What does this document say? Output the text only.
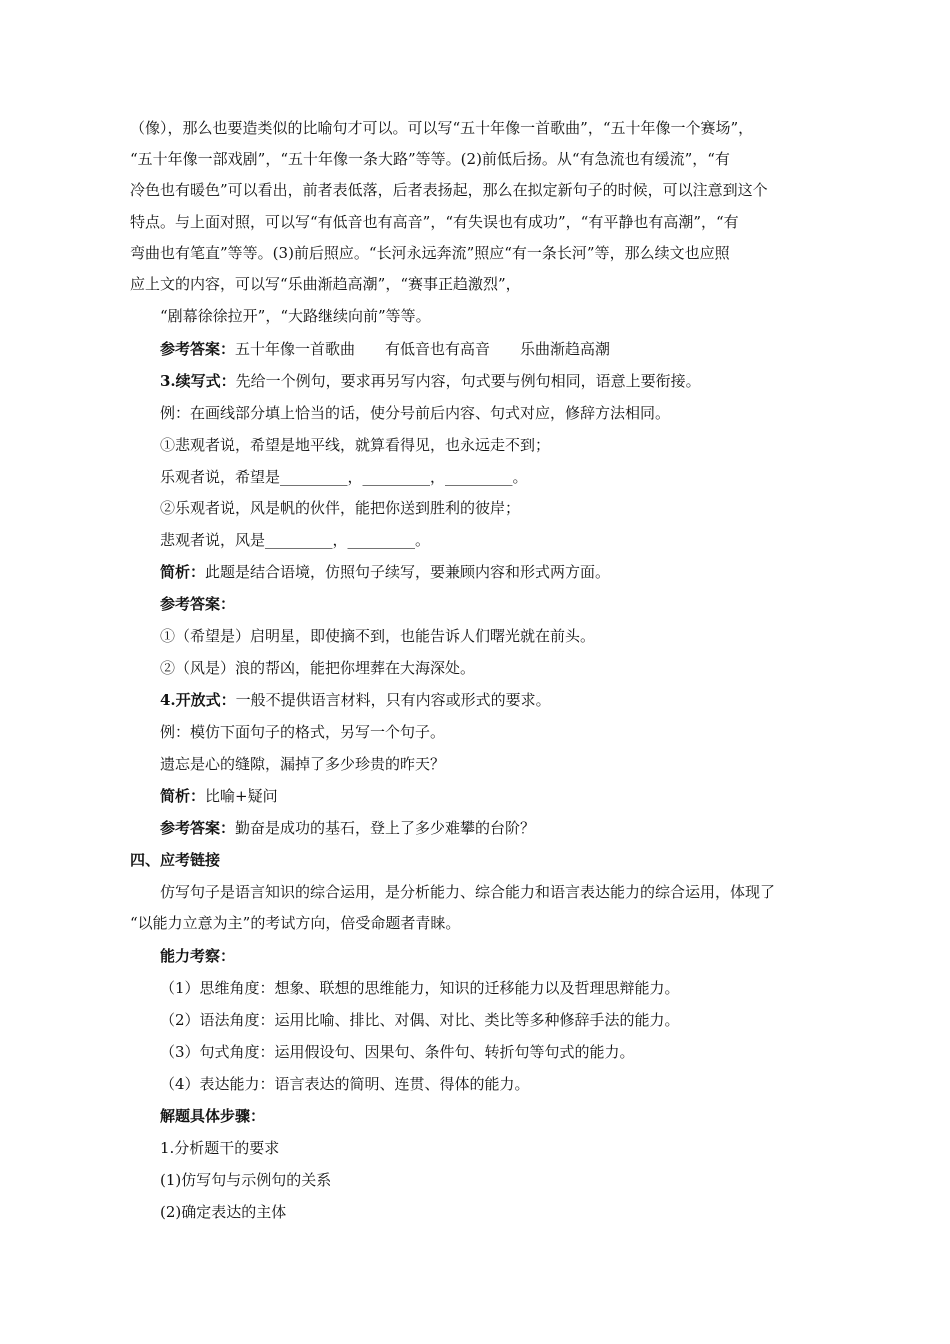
（像），那么也要造类似的比喻句才可以。可以写“五十年像一首歌曲”，“五十年像一个赛场”，

“五十年像一部戏剧”，“五十年像一条大路”等等。(2)前低后扬。从“有急流也有缓流”，“有

冷色也有暖色”可以看出，前者表低落，后者表扬起，那么在拟定新句子的时候，可以注意到这个

特点。与上面对照，可以写“有低音也有高音”，“有失误也有成功”，“有平静也有高潮”，“有

弯曲也有笔直”等等。(3)前后照应。“长河永远奔流”照应“有一条长河”等，那么续文也应照

应上文的内容，可以写“乐曲渐趋高潮”，“赛事正趋激烈”，

“剧幕徐徐拉开”，“大路继续向前”等等。
参考答案：五十年像一首歌曲 有低音也有高音 乐曲渐趋高潮
3.续写式：先给一个例句，要求再另写内容，句式要与例句相同，语意上要衔接。
例：在画线部分填上恰当的话，使分号前后内容、句式对应，修辞方法相同。
①悲观者说，希望是地平线，就算看得见，也永远走不到；
乐观者说，希望是_________，_________，_________。
②乐观者说，风是帆的伙伴，能把你送到胜利的彼岸；
悲观者说，风是_________，_________。
简析：此题是结合语境，仿照句子续写，要兼顾内容和形式两方面。
参考答案：
①（希望是）启明星，即使摘不到，也能告诉人们曙光就在前头。
②（风是）浪的帮凶，能把你埋葬在大海深处。
4.开放式：一般不提供语言材料，只有内容或形式的要求。
例：模仿下面句子的格式，另写一个句子。
遗忘是心的缝隙，漏掉了多少珍贵的昨天？
简析：比喻+疑问
参考答案：勤奋是成功的基石，登上了多少难攀的台阶？
四、应考链接
仿写句子是语言知识的综合运用，是分析能力、综合能力和语言表达能力的综合运用，体现了
“以能力立意为主”的考试方向，倍受命题者青睐。
能力考察：
（1）思维角度：想象、联想的思维能力，知识的迁移能力以及哲理思辩能力。
（2）语法角度：运用比喻、排比、对偶、对比、类比等多种修辞手法的能力。
（3）句式角度：运用假设句、因果句、条件句、转折句等句式的能力。
（4）表达能力：语言表达的简明、连贯、得体的能力。
解题具体步骤：
1.分析题干的要求
(1)仿写句与示例句的关系
(2)确定表达的主体
